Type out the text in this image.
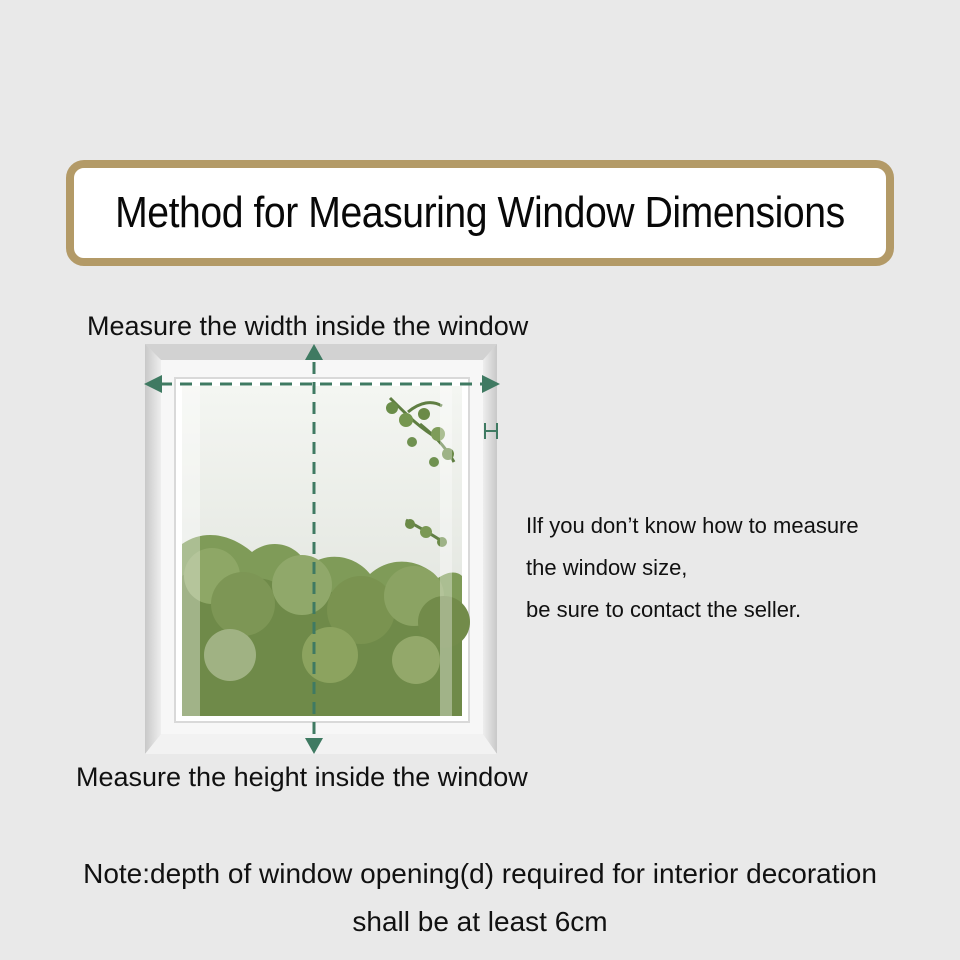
Method for Measuring Window Dimensions
Measure the width inside the window
Ilf you don’t know how to measure
the window size,
be sure to contact the seller.
Measure the height inside the window
Note:depth of window opening(d) required for interior decoration
shall be at least 6cm
